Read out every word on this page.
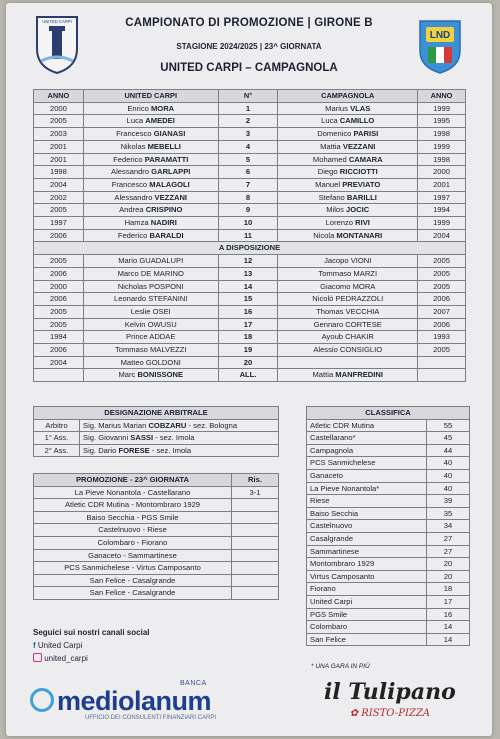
UNITED CARPI
LND
CAMPIONATO DI PROMOZIONE | GIRONE B
STAGIONE 2024/2025 | 23^ GIORNATA
UNITED CARPI – CAMPAGNOLA
ANNO	UNITED CARPI	N°	CAMPAGNOLA	ANNO
2000	Enrico MORA	1	Marius VLAS	1999
2005	Luca AMEDEI	2	Luca CAMILLO	1995
2003	Francesco GIANASI	3	Domenico PARISI	1998
2001	Nikolas MEBELLI	4	Mattia VEZZANI	1999
2001	Federico PARAMATTI	5	Mohamed CAMARA	1998
1998	Alessandro GARLAPPI	6	Diego RICCIOTTI	2000
2004	Francesco MALAGOLI	7	Manuel PREVIATO	2001
2002	Alessandro VEZZANI	8	Stefano BARILLI	1997
2005	Andrea CRISPINO	9	Milos JOCIC	1994
1997	Hamza NADIRI	10	Lorenzo RIVI	1999
2006	Federico BARALDI	11	Nicola MONTANARI	2004
A DISPOSIZIONE				
2005	Mario GUADALUPI	12	Jacopo VIONI	2005
2006	Marco DE MARINO	13	Tommaso MARZI	2005
2000	Nicholas POSPONI	14	Giacomo MORA	2005
2006	Leonardo STEFANINI	15	Nicolò PEDRAZZOLI	2006
2005	Leslie OSEI	16	Thomas VECCHIA	2007
2005	Kelvin OWUSU	17	Gennaro CORTESE	2006
1994	Prince ADDAE	18	Ayoub CHAKIR	1993
2006	Tommaso MALVEZZI	19	Alessio CONSIGLIO	2005
2004	Matteo GOLDONI	20		
	Marc BONISSONE	ALL.	Mattia MANFREDINI	
DESIGNAZIONE ARBITRALE	
Arbitro	Sig. Marius Marian COBZARU - sez. Bologna
1° Ass.	Sig. Giovanni SASSI - sez. Imola
2° Ass.	Sig. Dario FORESE - sez. Imola
PROMOZIONE - 23^ GIORNATA	Ris.
La Pieve Nonantola - Castellarano	3-1
Atletic CDR Mutina - Montombraro 1929	
Baiso Secchia - PGS Smile	
Castelnuovo - Riese	
Colombaro - Fiorano	
Ganaceto - Sammartinese	
PCS Sanmichelese - Virtus Camposanto	
San Felice - Casalgrande	
San Felice - Casalgrande	
CLASSIFICA	
Atletic CDR Mutina	55
Castellarano*	45
Campagnola	44
PCS Sanmichelese	40
Ganaceto	40
La Pieve Nonantola*	40
Riese	39
Baiso Secchia	35
Castelnuovo	34
Casalgrande	27
Sammartinese	27
Montombraro 1929	20
Virtus Camposanto	20
Fiorano	18
United Carpi	17
PGS Smile	16
Colombaro	14
San Felice	14
* UNA GARA IN PIÙ
Seguici sui nostri canali social
f United Carpi
united_carpi
BANCA
mediolanum
UFFICIO DEI CONSULENTI FINANZIARI CARPI
il Tulipano
✿ RISTO-PIZZA
